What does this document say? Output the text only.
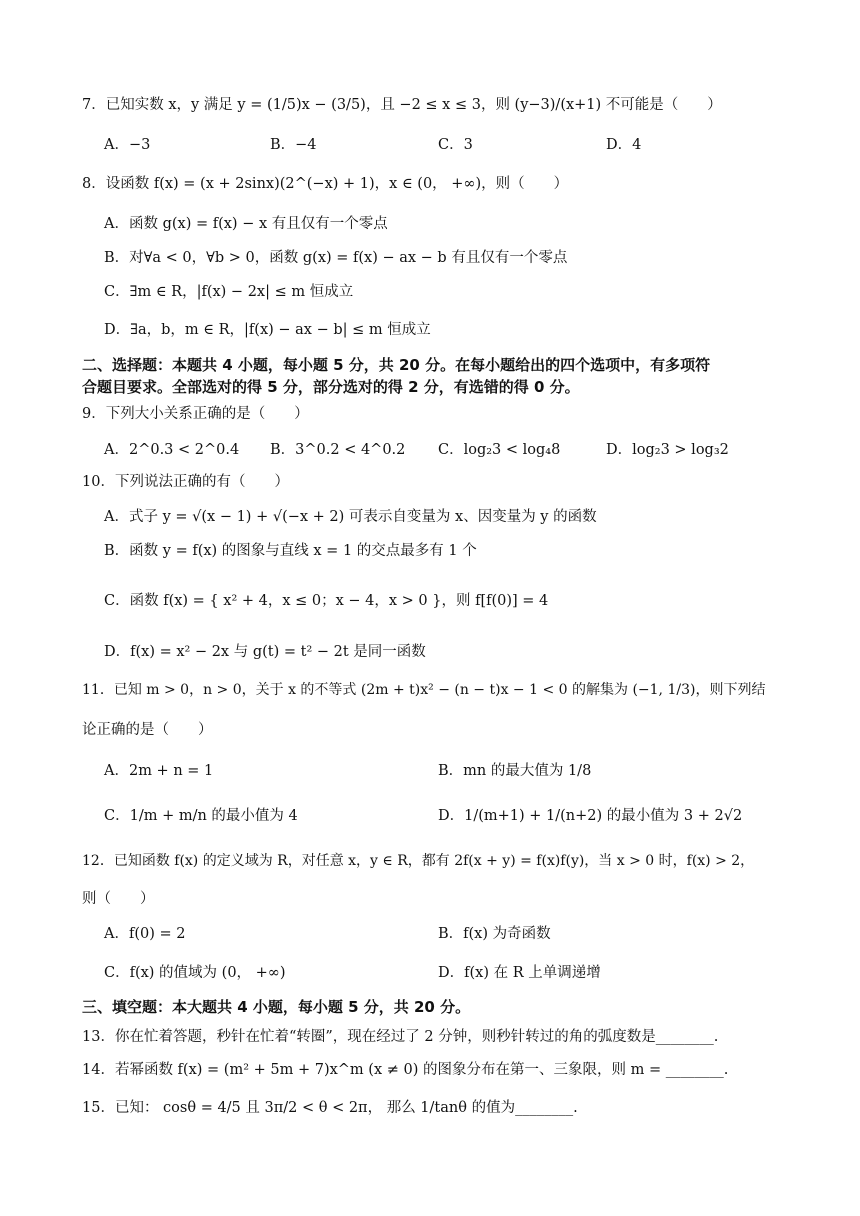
7．已知实数 x，y 满足 y = (1/5)x − (3/5)，且 −2 ≤ x ≤ 3，则 (y−3)/(x+1) 不可能是（　　）
A．−3	B．−4	C．3	D．4
8．设函数 f(x) = (x + 2sinx)(2^(−x) + 1)，x ∈ (0， +∞)，则（　　）
A．函数 g(x) = f(x) − x 有且仅有一个零点
B．对∀a < 0，∀b > 0，函数 g(x) = f(x) − ax − b 有且仅有一个零点
C．∃m ∈ R，|f(x) − 2x| ≤ m 恒成立
D．∃a，b，m ∈ R，|f(x) − ax − b| ≤ m 恒成立
二、选择题：本题共 4 小题，每小题 5 分，共 20 分。在每小题给出的四个选项中，有多项符
合题目要求。全部选对的得 5 分，部分选对的得 2 分，有选错的得 0 分。
9．下列大小关系正确的是（　　）
A．2^0.3 < 2^0.4 B．3^0.2 < 4^0.2 C．log₂3 < log₄8	D．log₂3 > log₃2
10．下列说法正确的有（　　）
A．式子 y = √(x − 1) + √(−x + 2) 可表示自变量为 x、因变量为 y 的函数
B．函数 y = f(x) 的图象与直线 x = 1 的交点最多有 1 个
C．函数 f(x) = { x² + 4，x ≤ 0；x − 4，x > 0 }，则 f[f(0)] = 4
D．f(x) = x² − 2x 与 g(t) = t² − 2t 是同一函数
11．已知 m > 0，n > 0，关于 x 的不等式 (2m + t)x² − (n − t)x − 1 < 0 的解集为 (−1, 1/3)，则下列结
论正确的是（　　）
A．2m + n = 1	B．mn 的最大值为 1/8
C．1/m + m/n 的最小值为 4	D．1/(m+1) + 1/(n+2) 的最小值为 3 + 2√2
12．已知函数 f(x) 的定义域为 R，对任意 x，y ∈ R，都有 2f(x + y) = f(x)f(y)，当 x > 0 时，f(x) > 2，
则（　　）
A．f(0) = 2	B．f(x) 为奇函数
C．f(x) 的值域为 (0， +∞)	D．f(x) 在 R 上单调递增
三、填空题：本大题共 4 小题，每小题 5 分，共 20 分。
13．你在忙着答题，秒针在忙着“转圈”，现在经过了 2 分钟，则秒针转过的角的弧度数是________.
14．若幂函数 f(x) = (m² + 5m + 7)x^m (x ≠ 0) 的图象分布在第一、三象限，则 m = ________.
15．已知： cosθ = 4/5 且 3π/2 < θ < 2π， 那么 1/tanθ 的值为________.
